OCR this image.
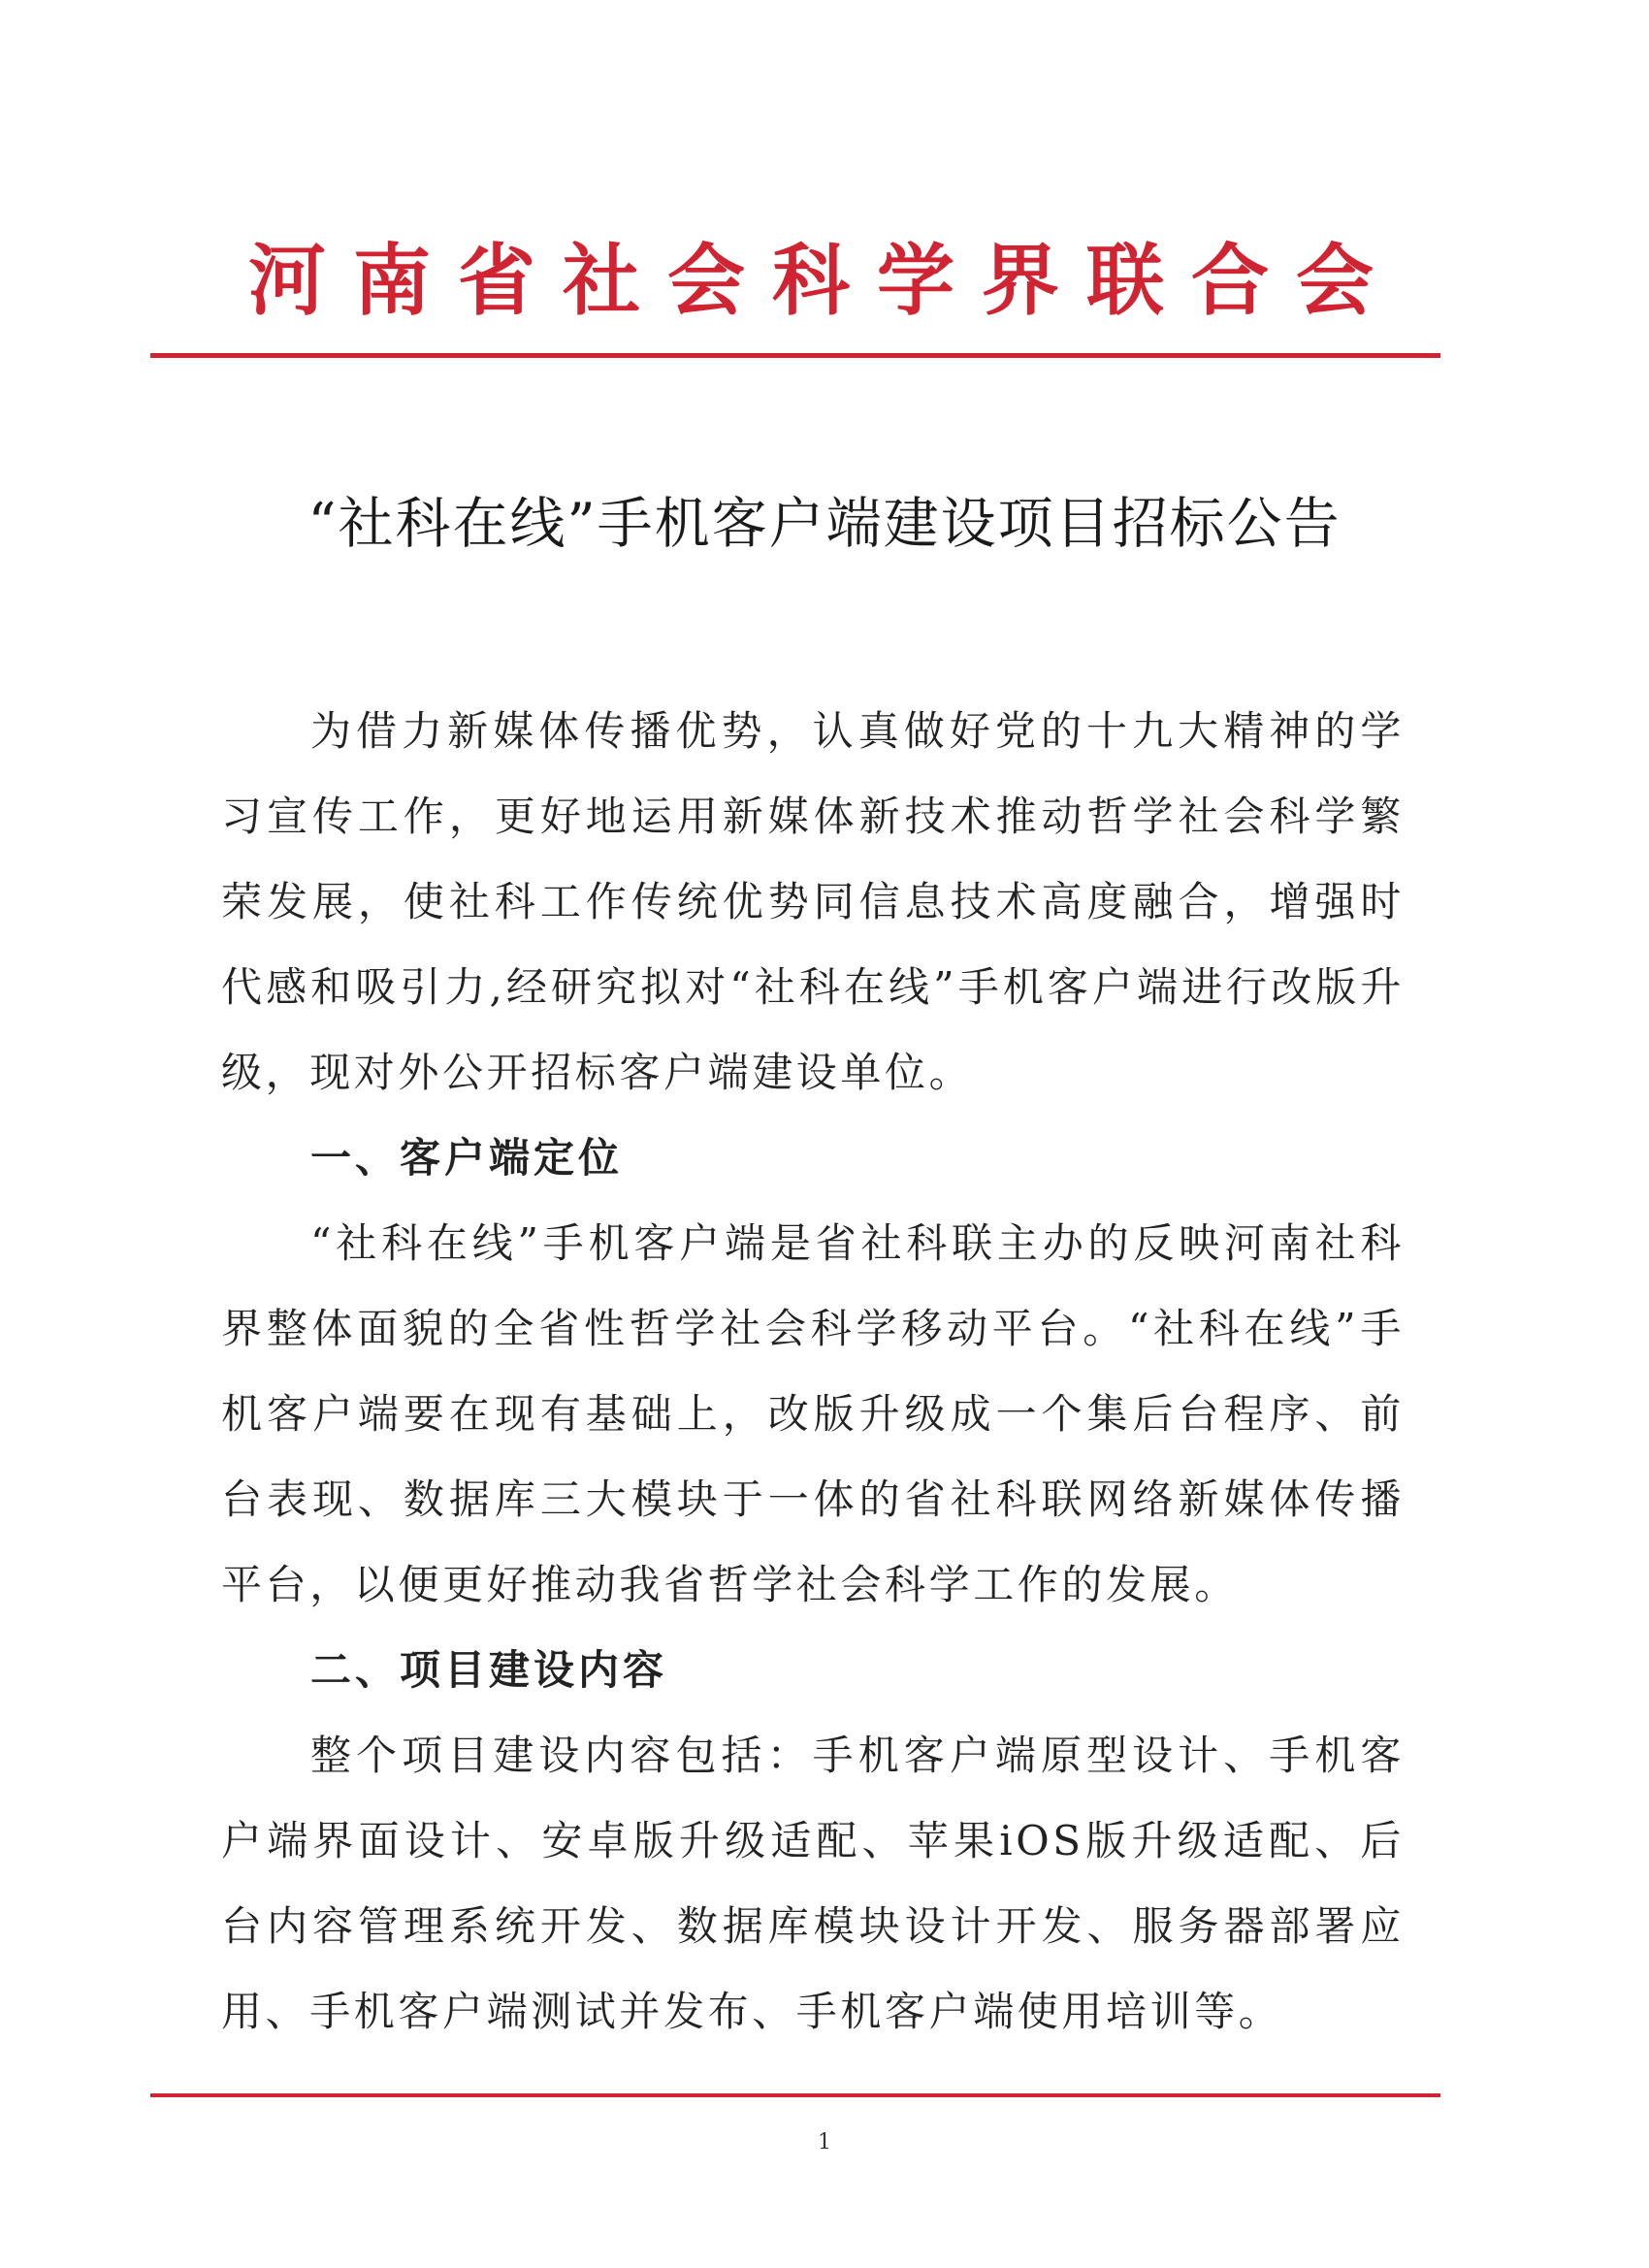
河南省社会科学界联合会
“社科在线”手机客户端建设项目招标公告

为借力新媒体传播优势，认真做好党的十九大精神的学习宣传工作，更好地运用新媒体新技术推动哲学社会科学繁荣发展，使社科工作传统优势同信息技术高度融合，增强时代感和吸引力,经研究拟对“社科在线”手机客户端进行改版升级，现对外公开招标客户端建设单位。

一、客户端定位

“社科在线”手机客户端是省社科联主办的反映河南社科界整体面貌的全省性哲学社会科学移动平台。“社科在线”手机客户端要在现有基础上，改版升级成一个集后台程序、前台表现、数据库三大模块于一体的省社科联网络新媒体传播平台，以便更好推动我省哲学社会科学工作的发展。

二、项目建设内容

整个项目建设内容包括：手机客户端原型设计、手机客户端界面设计、安卓版升级适配、苹果iOS版升级适配、后台内容管理系统开发、数据库模块设计开发、服务器部署应用、手机客户端测试并发布、手机客户端使用培训等。

1
